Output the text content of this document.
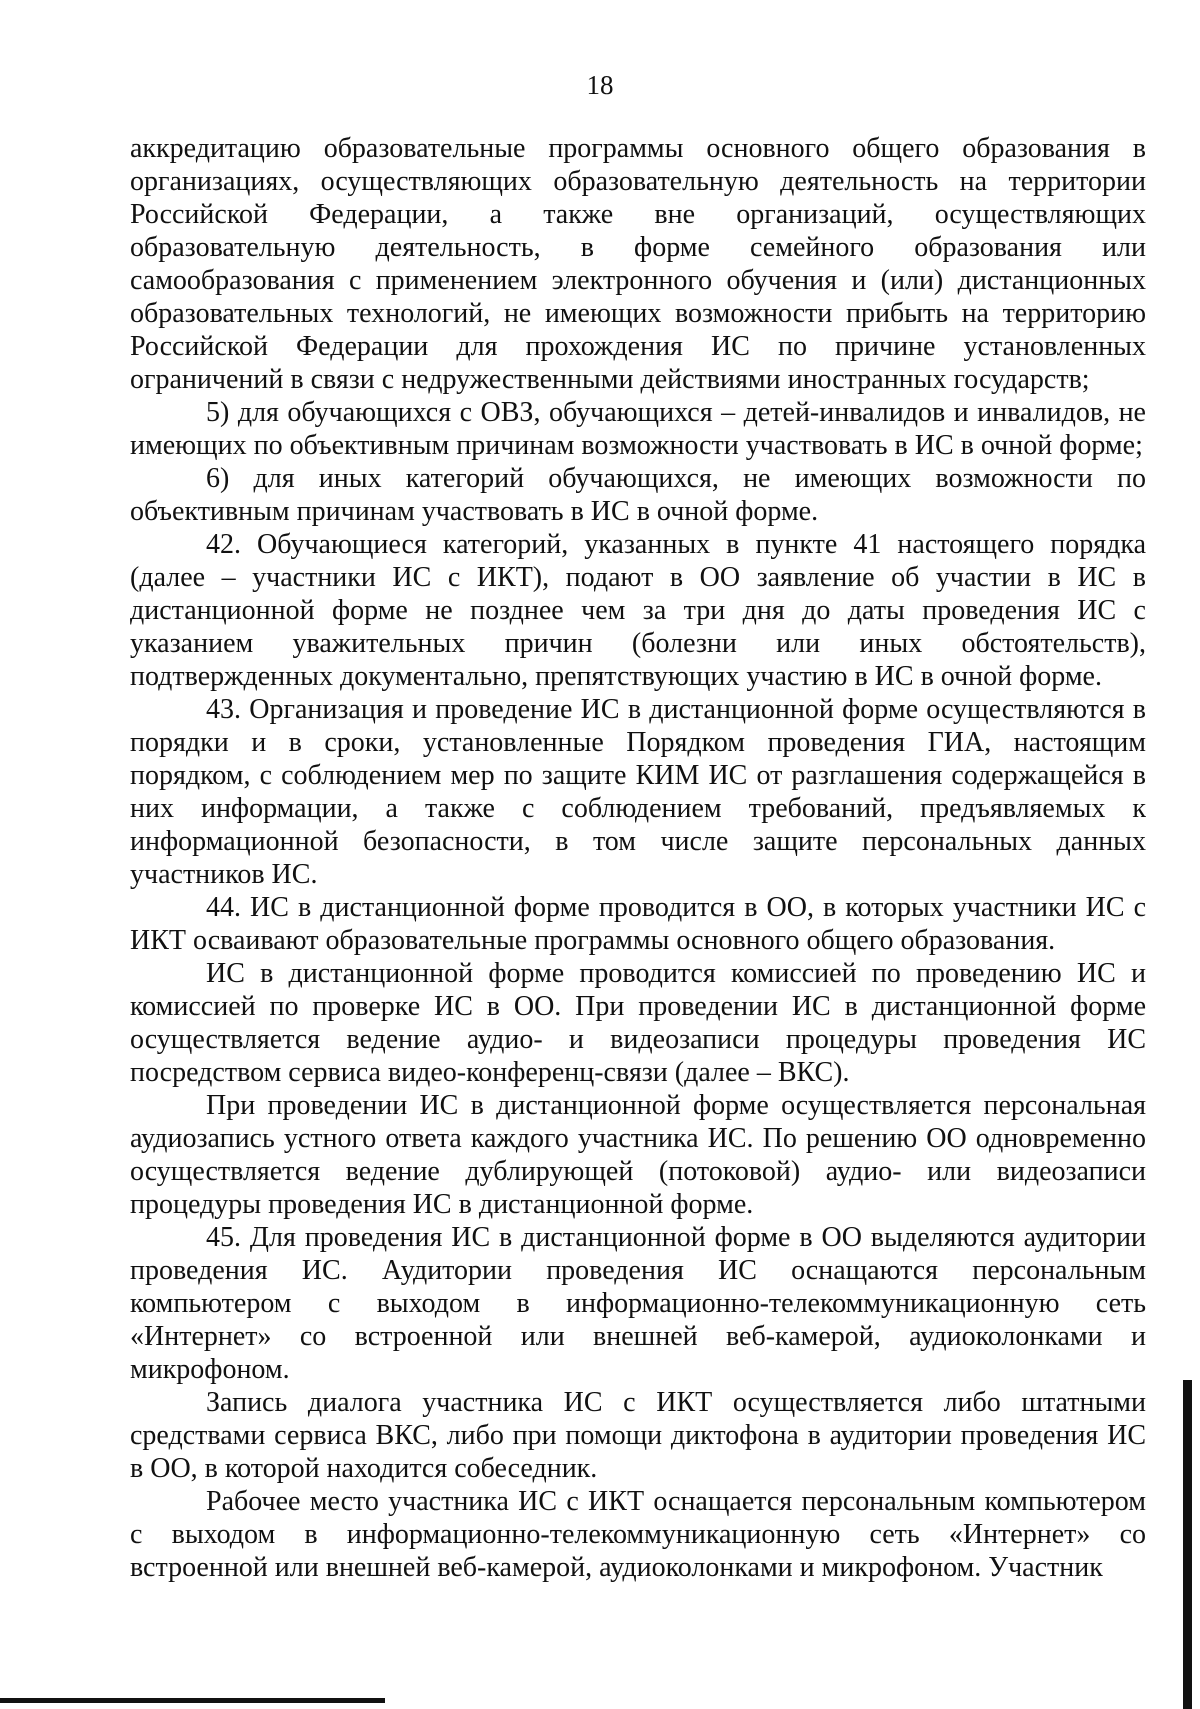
18

аккредитацию образовательные программы основного общего образования в организациях, осуществляющих образовательную деятельность на территории Российской Федерации, а также вне организаций, осуществляющих образовательную деятельность, в форме семейного образования или самообразования с применением электронного обучения и (или) дистанционных образовательных технологий, не имеющих возможности прибыть на территорию Российской Федерации для прохождения ИС по причине установленных ограничений в связи с недружественными действиями иностранных государств;

5) для обучающихся с ОВЗ, обучающихся – детей-инвалидов и инвалидов, не имеющих по объективным причинам возможности участвовать в ИС в очной форме;

6) для иных категорий обучающихся, не имеющих возможности по объективным причинам участвовать в ИС в очной форме.

42. Обучающиеся категорий, указанных в пункте 41 настоящего порядка (далее – участники ИС с ИКТ), подают в ОО заявление об участии в ИС в дистанционной форме не позднее чем за три дня до даты проведения ИС с указанием уважительных причин (болезни или иных обстоятельств), подтвержденных документально, препятствующих участию в ИС в очной форме.

43. Организация и проведение ИС в дистанционной форме осуществляются в порядки и в сроки, установленные Порядком проведения ГИА, настоящим порядком, с соблюдением мер по защите КИМ ИС от разглашения содержащейся в них информации, а также с соблюдением требований, предъявляемых к информационной безопасности, в том числе защите персональных данных участников ИС.

44. ИС в дистанционной форме проводится в ОО, в которых участники ИС с ИКТ осваивают образовательные программы основного общего образования.

ИС в дистанционной форме проводится комиссией по проведению ИС и комиссией по проверке ИС в ОО. При проведении ИС в дистанционной форме осуществляется ведение аудио- и видеозаписи процедуры проведения ИС посредством сервиса видео-конференц-связи (далее – ВКС).

При проведении ИС в дистанционной форме осуществляется персональная аудиозапись устного ответа каждого участника ИС. По решению ОО одновременно осуществляется ведение дублирующей (потоковой) аудио- или видеозаписи процедуры проведения ИС в дистанционной форме.

45. Для проведения ИС в дистанционной форме в ОО выделяются аудитории проведения ИС. Аудитории проведения ИС оснащаются персональным компьютером с выходом в информационно-телекоммуникационную сеть «Интернет» со встроенной или внешней веб-камерой, аудиоколонками и микрофоном.

Запись диалога участника ИС с ИКТ осуществляется либо штатными средствами сервиса ВКС, либо при помощи диктофона в аудитории проведения ИС в ОО, в которой находится собеседник.

Рабочее место участника ИС с ИКТ оснащается персональным компьютером с выходом в информационно-телекоммуникационную сеть «Интернет» со встроенной или внешней веб-камерой, аудиоколонками и микрофоном. Участник
